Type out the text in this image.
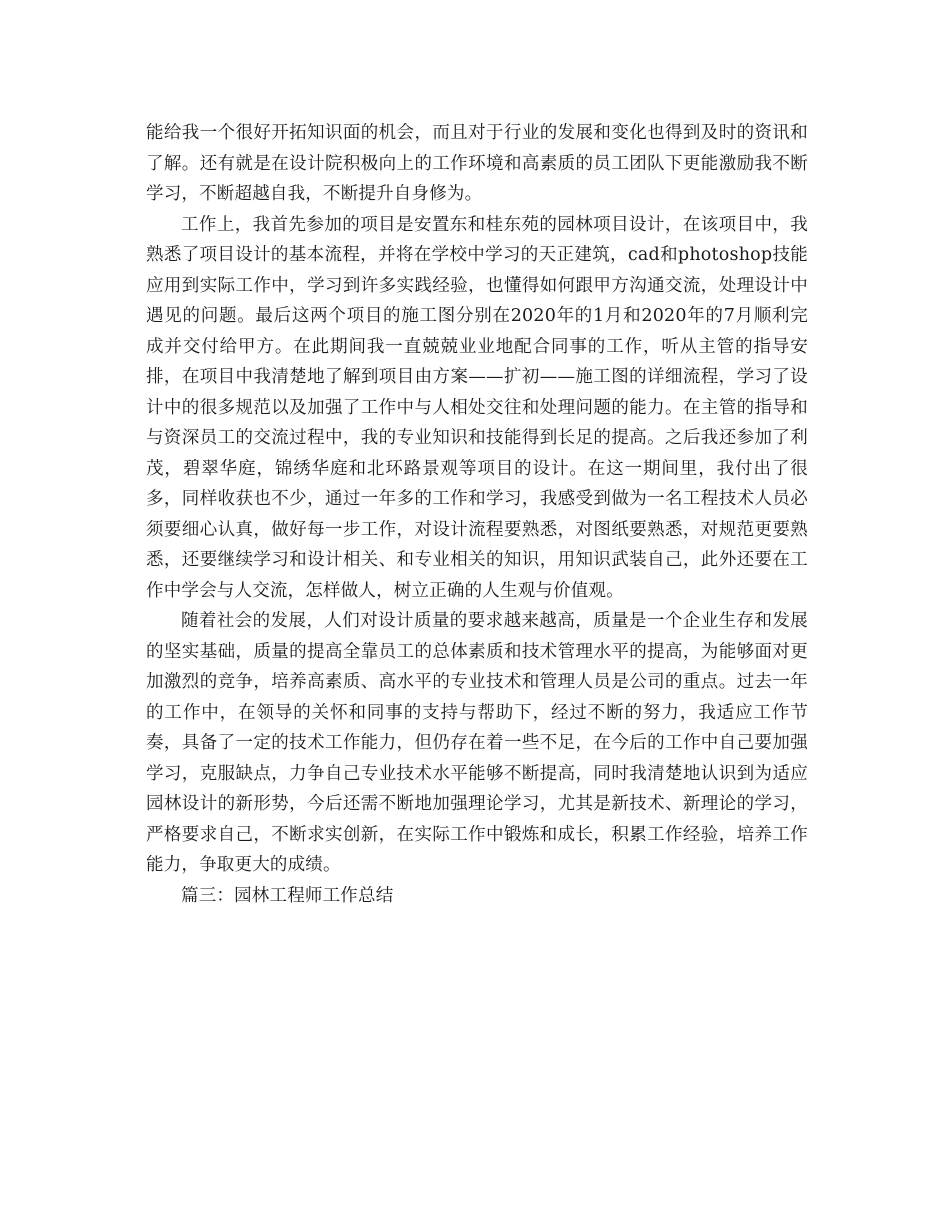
能给我一个很好开拓知识面的机会，而且对于行业的发展和变化也得到及时的资讯和了解。还有就是在设计院积极向上的工作环境和高素质的员工团队下更能激励我不断学习，不断超越自我，不断提升自身修为。

工作上，我首先参加的项目是安置东和桂东苑的园林项目设计，在该项目中，我熟悉了项目设计的基本流程，并将在学校中学习的天正建筑，cad和photoshop技能应用到实际工作中，学习到许多实践经验，也懂得如何跟甲方沟通交流，处理设计中遇见的问题。最后这两个项目的施工图分别在2020年的1月和2020年的7月顺利完成并交付给甲方。在此期间我一直兢兢业业地配合同事的工作，听从主管的指导安排，在项目中我清楚地了解到项目由方案——扩初——施工图的详细流程，学习了设计中的很多规范以及加强了工作中与人相处交往和处理问题的能力。在主管的指导和与资深员工的交流过程中，我的专业知识和技能得到长足的提高。之后我还参加了利茂，碧翠华庭，锦绣华庭和北环路景观等项目的设计。在这一期间里，我付出了很多，同样收获也不少，通过一年多的工作和学习，我感受到做为一名工程技术人员必须要细心认真，做好每一步工作，对设计流程要熟悉，对图纸要熟悉，对规范更要熟悉，还要继续学习和设计相关、和专业相关的知识，用知识武装自己，此外还要在工作中学会与人交流，怎样做人，树立正确的人生观与价值观。

随着社会的发展，人们对设计质量的要求越来越高，质量是一个企业生存和发展的坚实基础，质量的提高全靠员工的总体素质和技术管理水平的提高，为能够面对更加激烈的竞争，培养高素质、高水平的专业技术和管理人员是公司的重点。过去一年的工作中，在领导的关怀和同事的支持与帮助下，经过不断的努力，我适应工作节奏，具备了一定的技术工作能力，但仍存在着一些不足，在今后的工作中自己要加强学习，克服缺点，力争自己专业技术水平能够不断提高，同时我清楚地认识到为适应园林设计的新形势，今后还需不断地加强理论学习，尤其是新技术、新理论的学习，严格要求自己，不断求实创新，在实际工作中锻炼和成长，积累工作经验，培养工作能力，争取更大的成绩。

篇三：园林工程师工作总结
